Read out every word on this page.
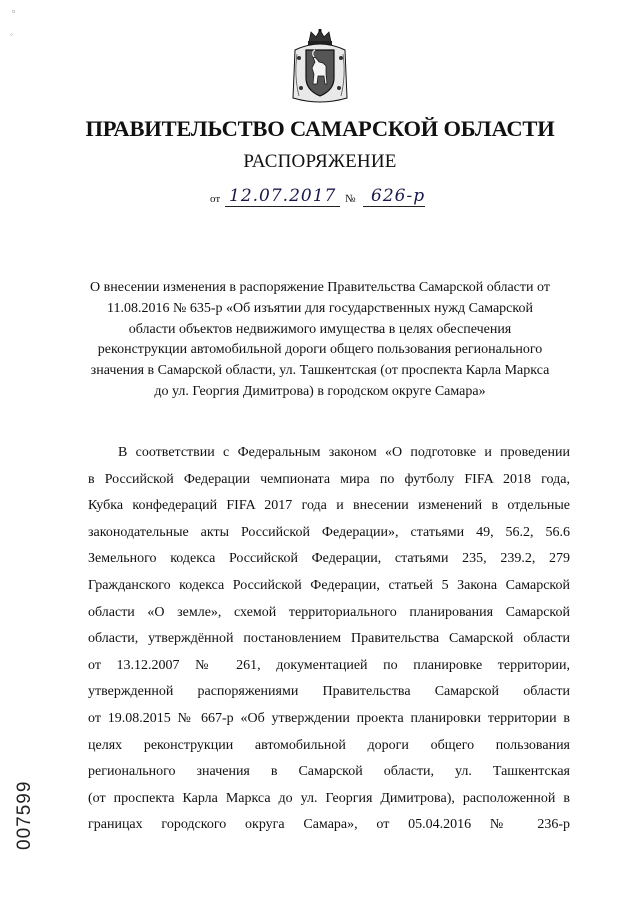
▫
◦
ПРАВИТЕЛЬСТВО САМАРСКОЙ ОБЛАСТИ
РАСПОРЯЖЕНИЕ
от 12.07.2017 № 626-р
О внесении изменения в распоряжение Правительства Самарской области от 11.08.2016 № 635-р «Об изъятии для государственных нужд Самарской области объектов недвижимого имущества в целях обеспечения реконструкции автомобильной дороги общего пользования регионального значения в Самарской области, ул. Ташкентская (от проспекта Карла Маркса до ул. Георгия Димитрова) в городском округе Самара»
В соответствии с Федеральным законом «О подготовке и проведении
в Российской Федерации чемпионата мира по футболу FIFA 2018 года,
Кубка конфедераций FIFA 2017 года и внесении изменений в отдельные
законодательные акты Российской Федерации», статьями 49, 56.2, 56.6
Земельного кодекса Российской Федерации, статьями 235, 239.2, 279
Гражданского кодекса Российской Федерации, статьей 5 Закона Самарской
области «О земле», схемой территориального планирования Самарской
области, утверждённой постановлением Правительства Самарской области
от 13.12.2007 № 261, документацией по планировке территории,
утвержденной распоряжениями Правительства Самарской области
от 19.08.2015 № 667-р «Об утверждении проекта планировки территории в
целях реконструкции автомобильной дороги общего пользования
регионального значения в Самарской области, ул. Ташкентская
(от проспекта Карла Маркса до ул. Георгия Димитрова), расположенной в
границах городского округа Самара», от 05.04.2016 № 236-р
007599
